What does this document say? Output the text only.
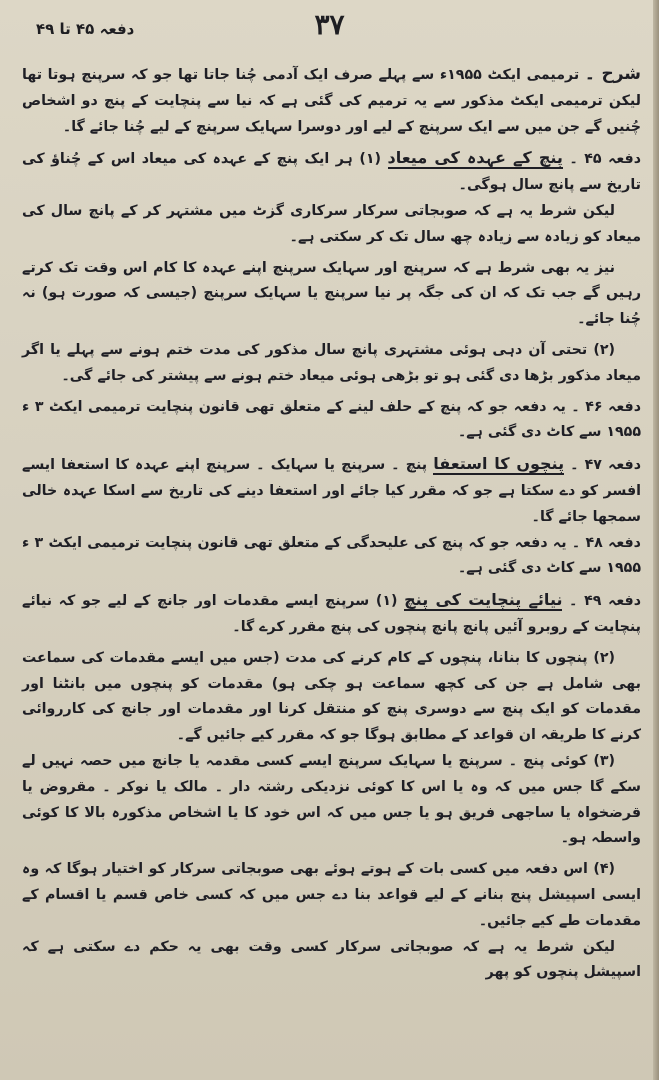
۳۷
دفعہ ۴۵ تا ۴۹

شرح ۔ ترمیمی ایکٹ ۱۹۵۵ء سے پہلے صرف ایک آدمی چُنا جاتا تھا جو کہ سرپنچ ہوتا تھا لیکن ترمیمی ایکٹ مذکور سے یہ ترمیم کی گئی ہے کہ نیا سے پنچایت کے پنچ دو اشخاص چُنیں گے جن میں سے ایک سرپنچ کے لیے اور دوسرا سہایک سرپنچ کے لیے چُنا جائے گا۔

دفعہ ۴۵ ۔ پنچ کے عہدہ کی میعاد (۱) ہر ایک پنچ کے عہدہ کی میعاد اس کے چُناؤ کی تاریخ سے پانچ سال ہوگی۔

لیکن شرط یہ ہے کہ صوبجاتی سرکار سرکاری گزٹ میں مشتہر کر کے پانچ سال کی میعاد کو زیادہ سے زیادہ چھ سال تک کر سکتی ہے۔

نیز یہ بھی شرط ہے کہ سرپنچ اور سہایک سرپنچ اپنے عہدہ کا کام اس وقت تک کرتے رہیں گے جب تک کہ ان کی جگہ پر نیا سرپنچ یا سہایک سرپنچ (جیسی کہ صورت ہو) نہ چُنا جائے۔

(۲) تحتی آن دہی ہوئی مشتہری پانچ سال مذکور کی مدت ختم ہونے سے پہلے یا اگر میعاد مذکور بڑھا دی گئی ہو تو بڑھی ہوئی میعاد ختم ہونے سے پیشتر کی جائے گی۔

دفعہ ۴۶ ۔ یہ دفعہ جو کہ پنچ کے حلف لینے کے متعلق تھی قانون پنچایت ترمیمی ایکٹ ۳ ء ۱۹۵۵ سے کاٹ دی گئی ہے۔

دفعہ ۴۷ ۔ پنچوں کا استعفا پنچ ۔ سرپنچ یا سہایک ۔ سرپنچ اپنے عہدہ کا استعفا ایسے افسر کو دے سکتا ہے جو کہ مقرر کیا جائے اور استعفا دینے کی تاریخ سے اسکا عہدہ خالی سمجھا جائے گا۔

دفعہ ۴۸ ۔ یہ دفعہ جو کہ پنچ کی علیحدگی کے متعلق تھی قانون پنچایت ترمیمی ایکٹ ۳ ء ۱۹۵۵ سے کاٹ دی گئی ہے۔

دفعہ ۴۹ ۔ نیائے پنچایت کی پنچ (۱) سرپنچ ایسے مقدمات اور جانچ کے لیے جو کہ نیائے پنچایت کے روبرو آئیں پانچ پانچ پنچوں کی پنچ مقرر کرے گا۔

(۲) پنچوں کا بنانا، پنچوں کے کام کرنے کی مدت (جس میں ایسے مقدمات کی سماعت بھی شامل ہے جن کی کچھ سماعت ہو چکی ہو) مقدمات کو پنچوں میں بانٹنا اور مقدمات کو ایک پنچ سے دوسری پنچ کو منتقل کرنا اور مقدمات اور جانچ کی کارروائی کرنے کا طریقہ ان قواعد کے مطابق ہوگا جو کہ مقرر کیے جائیں گے۔

(۳) کوئی پنچ ۔ سرپنچ یا سہایک سرپنچ ایسے کسی مقدمہ یا جانچ میں حصہ نہیں لے سکے گا جس میں کہ وہ یا اس کا کوئی نزدیکی رشتہ دار ۔ مالک یا نوکر ۔ مقروض یا قرضخواہ یا ساجھی فریق ہو یا جس میں کہ اس خود کا یا اشخاص مذکورہ بالا کا کوئی واسطہ ہو۔

(۴) اس دفعہ میں کسی بات کے ہوتے ہوئے بھی صوبجاتی سرکار کو اختیار ہوگا کہ وہ ایسی اسپیشل پنچ بنانے کے لیے قواعد بنا دے جس میں کہ کسی خاص قسم یا اقسام کے مقدمات طے کیے جائیں۔

لیکن شرط یہ ہے کہ صوبجاتی سرکار کسی وقت بھی یہ حکم دے سکتی ہے کہ اسپیشل پنچوں کو پھر
